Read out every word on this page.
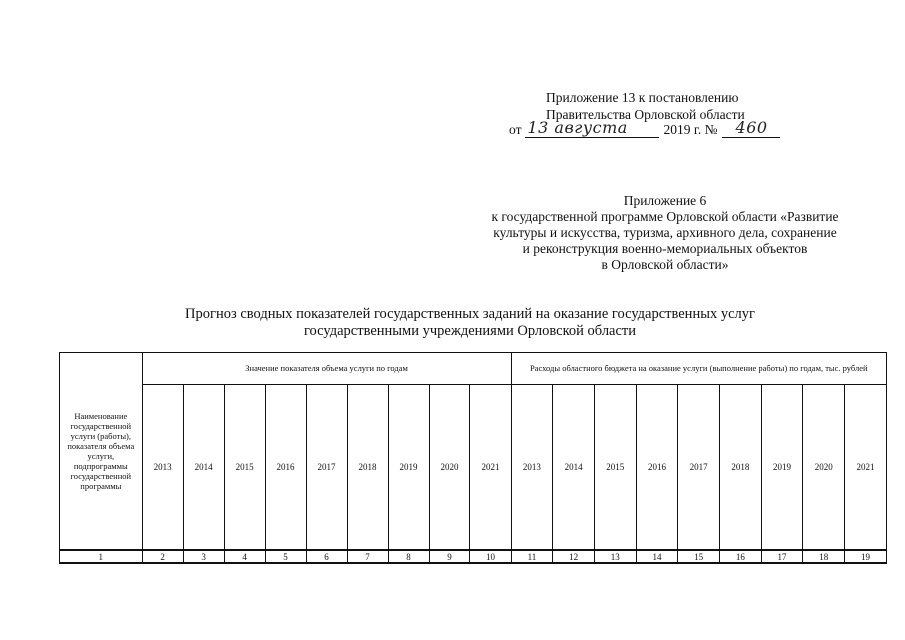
Приложение 13 к постановлению
Правительства Орловской области
от 13 августа	2019 г. № 460
Приложение 6
к государственной программе Орловской области «Развитие
культуры и искусства, туризма, архивного дела, сохранение
и реконструкция военно-мемориальных объектов
в Орловской области»
Прогноз сводных показателей государственных заданий на оказание государственных услуг
государственными учреждениями Орловской области
Наименование государственной услуги (работы), показателя объема услуги, подпрограммы государственной программы	Значение показателя объема услуги по годам									Расходы областного бюджета на оказание услуги (выполнение работы) по годам, тыс. рублей								
	2013	2014	2015	2016	2017	2018	2019	2020	2021	2013	2014	2015	2016	2017	2018	2019	2020	2021
1	2	3	4	5	6	7	8	9	10	11	12	13	14	15	16	17	18	19
